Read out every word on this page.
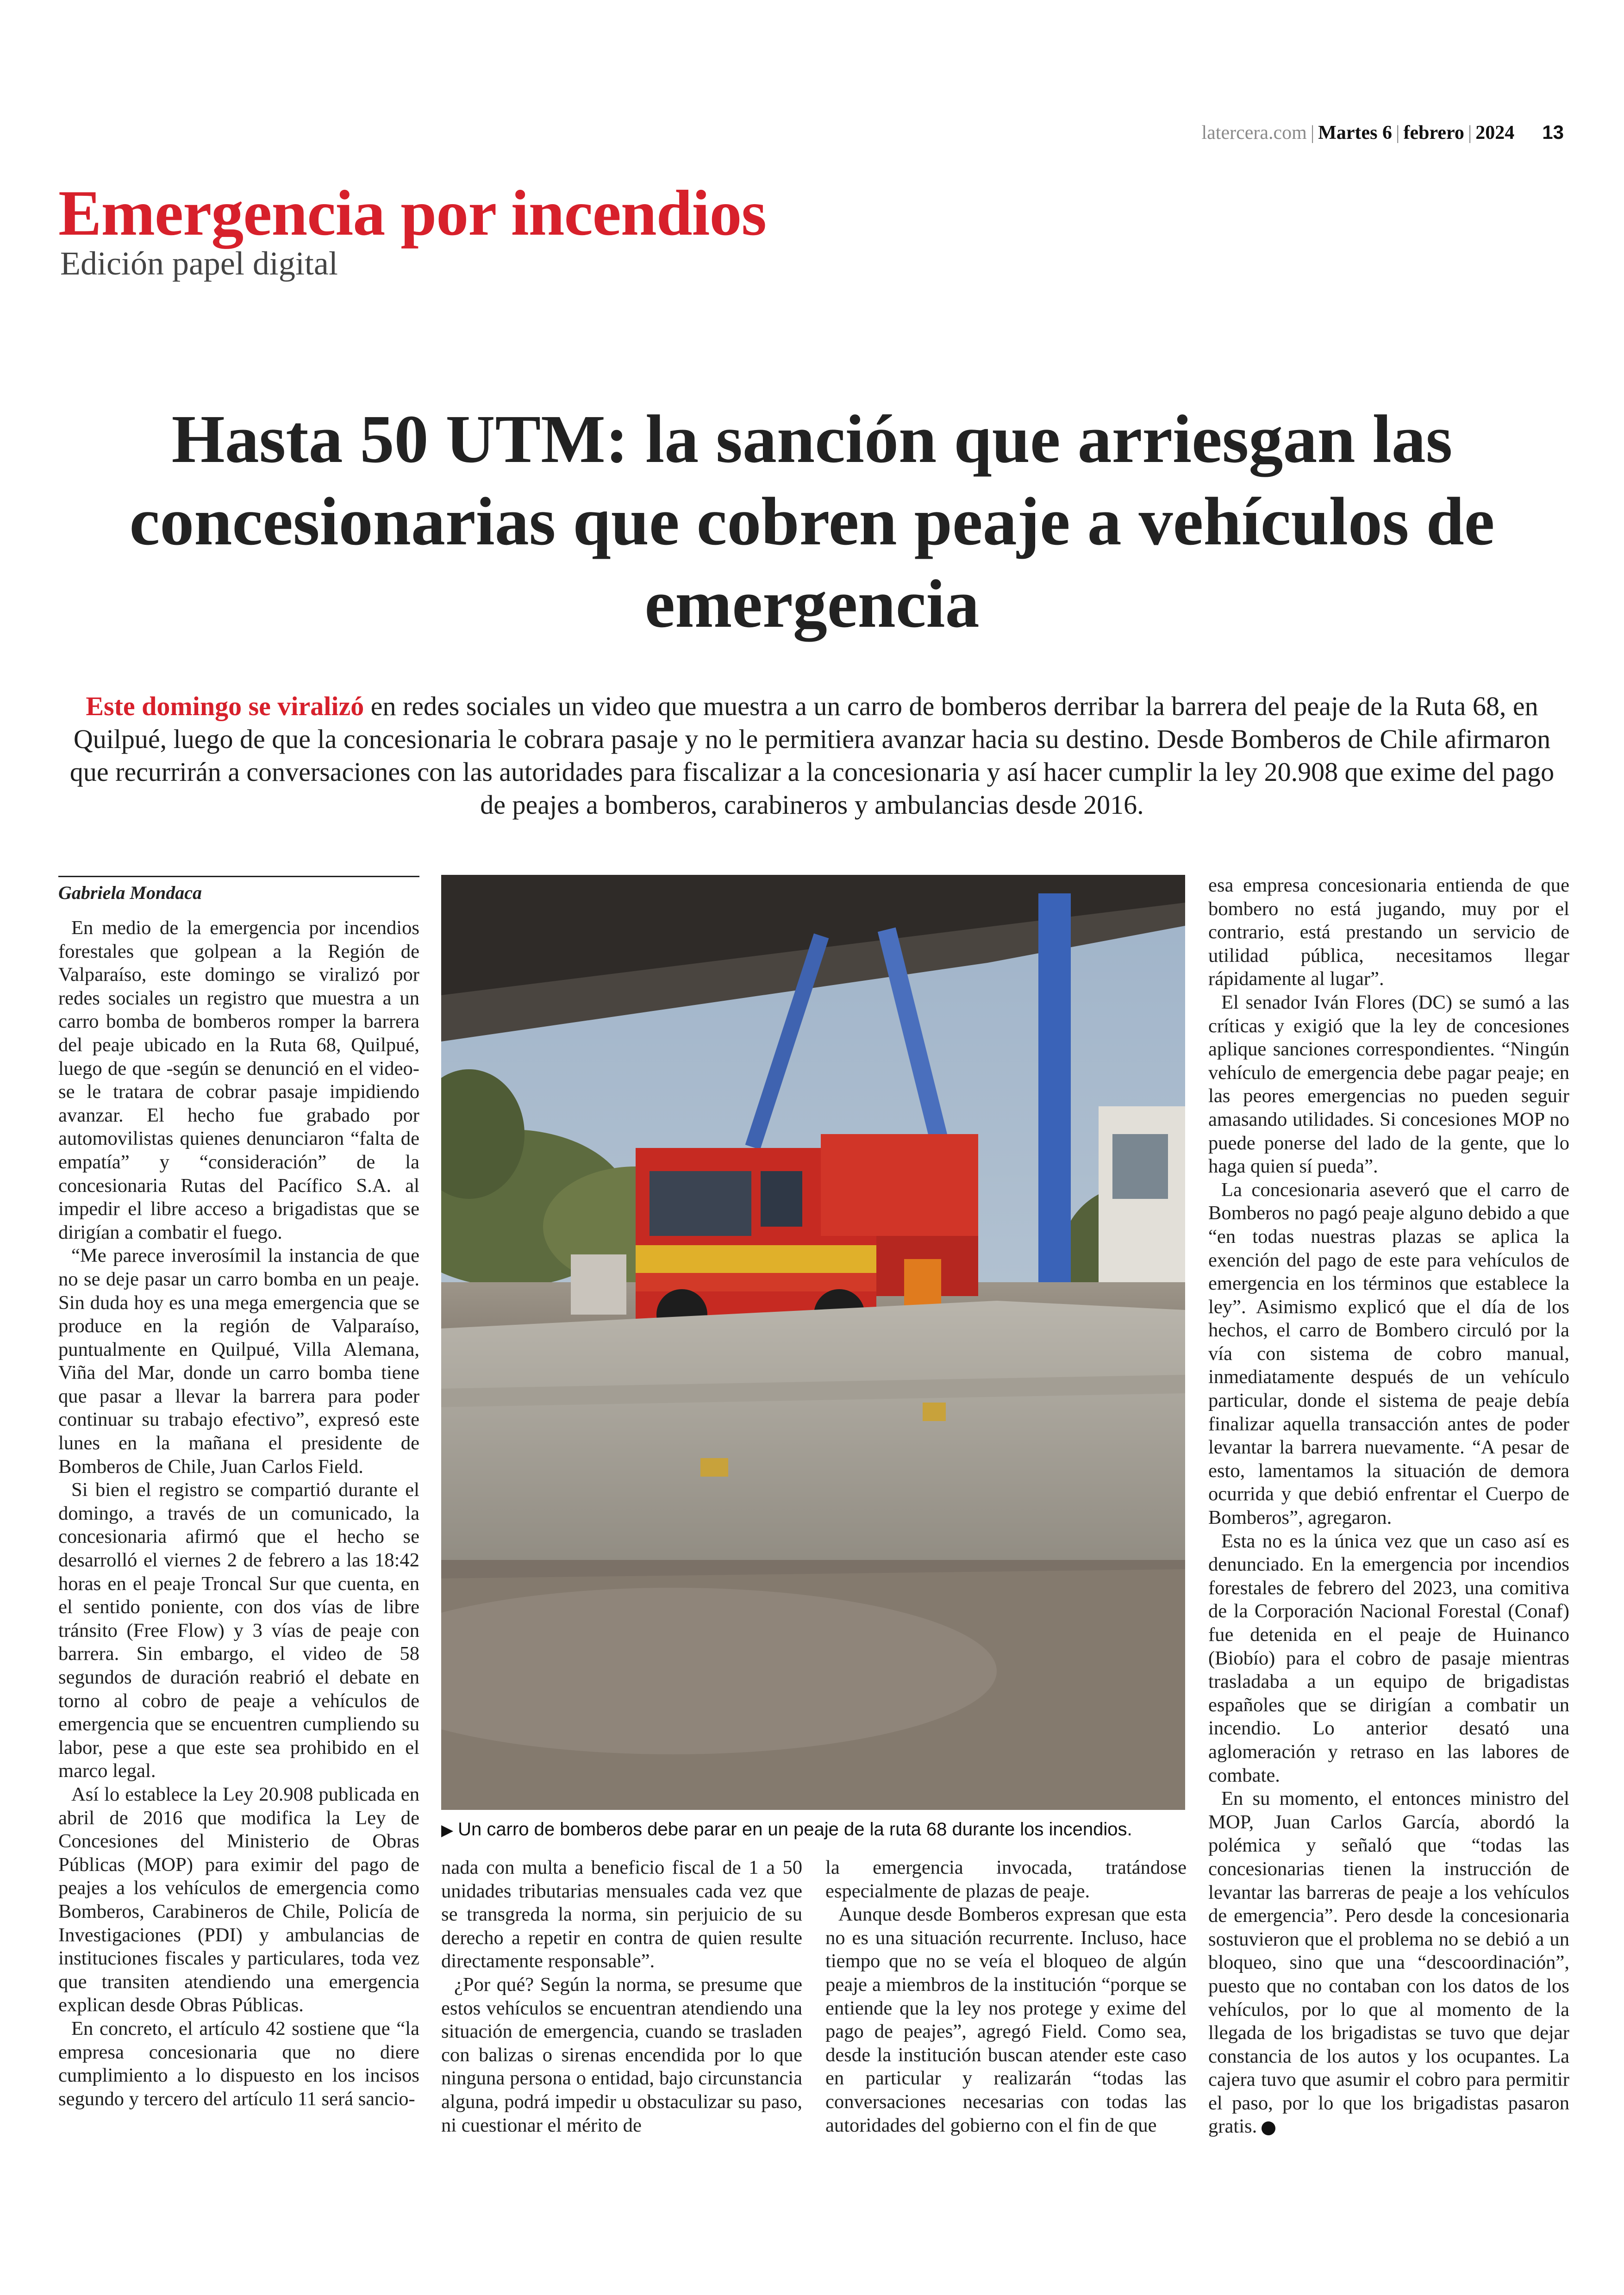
latercera.com | Martes 6 | febrero | 2024 13
Emergencia por incendios
Edición papel digital
Hasta 50 UTM: la sanción que arriesgan las concesionarias que cobren peaje a vehículos de emergencia
Este domingo se viralizó en redes sociales un video que muestra a un carro de bomberos derribar la barrera del peaje de la Ruta 68, en Quilpué, luego de que la concesionaria le cobrara pasaje y no le permitiera avanzar hacia su destino. Desde Bomberos de Chile afirmaron que recurrirán a conversaciones con las autoridades para fiscalizar a la concesionaria y así hacer cumplir la ley 20.908 que exime del pago de peajes a bomberos, carabineros y ambulancias desde 2016.
Gabriela Mondaca

En medio de la emergencia por incendios forestales que golpean a la Región de Valparaíso, este domingo se viralizó por redes sociales un registro que muestra a un carro bomba de bomberos romper la barrera del peaje ubicado en la Ruta 68, Quilpué, luego de que -según se denunció en el video- se le tratara de cobrar pasaje impidiendo avanzar. El hecho fue grabado por automovilistas quienes denunciaron “falta de empatía” y “consideración” de la concesionaria Rutas del Pacífico S.A. al impedir el libre acceso a brigadistas que se dirigían a combatir el fuego.

“Me parece inverosímil la instancia de que no se deje pasar un carro bomba en un peaje. Sin duda hoy es una mega emergencia que se produce en la región de Valparaíso, puntualmente en Quilpué, Villa Alemana, Viña del Mar, donde un carro bomba tiene que pasar a llevar la barrera para poder continuar su trabajo efectivo”, expresó este lunes en la mañana el presidente de Bomberos de Chile, Juan Carlos Field.

Si bien el registro se compartió durante el domingo, a través de un comunicado, la concesionaria afirmó que el hecho se desarrolló el viernes 2 de febrero a las 18:42 horas en el peaje Troncal Sur que cuenta, en el sentido poniente, con dos vías de libre tránsito (Free Flow) y 3 vías de peaje con barrera. Sin embargo, el video de 58 segundos de duración reabrió el debate en torno al cobro de peaje a vehículos de emergencia que se encuentren cumpliendo su labor, pese a que este sea prohibido en el marco legal.

Así lo establece la Ley 20.908 publicada en abril de 2016 que modifica la Ley de Concesiones del Ministerio de Obras Públicas (MOP) para eximir del pago de peajes a los vehículos de emergencia como Bomberos, Carabineros de Chile, Policía de Investigaciones (PDI) y ambulancias de instituciones fiscales y particulares, toda vez que transiten atendiendo una emergencia explican desde Obras Públicas.

En concreto, el artículo 42 sostiene que “la empresa concesionaria que no diere cumplimiento a lo dispuesto en los incisos segundo y tercero del artículo 11 será sancio-

▶ Un carro de bomberos debe parar en un peaje de la ruta 68 durante los incendios.

nada con multa a beneficio fiscal de 1 a 50 unidades tributarias mensuales cada vez que se transgreda la norma, sin perjuicio de su derecho a repetir en contra de quien resulte directamente responsable”.

¿Por qué? Según la norma, se presume que estos vehículos se encuentran atendiendo una situación de emergencia, cuando se trasladen con balizas o sirenas encendida por lo que ninguna persona o entidad, bajo circunstancia alguna, podrá impedir u obstaculizar su paso, ni cuestionar el mérito de

la emergencia invocada, tratándose especialmente de plazas de peaje.

Aunque desde Bomberos expresan que esta no es una situación recurrente. Incluso, hace tiempo que no se veía el bloqueo de algún peaje a miembros de la institución “porque se entiende que la ley nos protege y exime del pago de peajes”, agregó Field. Como sea, desde la institución buscan atender este caso en particular y realizarán “todas las conversaciones necesarias con todas las autoridades del gobierno con el fin de que

esa empresa concesionaria entienda de que bombero no está jugando, muy por el contrario, está prestando un servicio de utilidad pública, necesitamos llegar rápidamente al lugar”.

El senador Iván Flores (DC) se sumó a las críticas y exigió que la ley de concesiones aplique sanciones correspondientes. “Ningún vehículo de emergencia debe pagar peaje; en las peores emergencias no pueden seguir amasando utilidades. Si concesiones MOP no puede ponerse del lado de la gente, que lo haga quien sí pueda”.

La concesionaria aseveró que el carro de Bomberos no pagó peaje alguno debido a que “en todas nuestras plazas se aplica la exención del pago de este para vehículos de emergencia en los términos que establece la ley”. Asimismo explicó que el día de los hechos, el carro de Bombero circuló por la vía con sistema de cobro manual, inmediatamente después de un vehículo particular, donde el sistema de peaje debía finalizar aquella transacción antes de poder levantar la barrera nuevamente. “A pesar de esto, lamentamos la situación de demora ocurrida y que debió enfrentar el Cuerpo de Bomberos”, agregaron.

Esta no es la única vez que un caso así es denunciado. En la emergencia por incendios forestales de febrero del 2023, una comitiva de la Corporación Nacional Forestal (Conaf) fue detenida en el peaje de Huinanco (Biobío) para el cobro de pasaje mientras trasladaba a un equipo de brigadistas españoles que se dirigían a combatir un incendio. Lo anterior desató una aglomeración y retraso en las labores de combate.

En su momento, el entonces ministro del MOP, Juan Carlos García, abordó la polémica y señaló que “todas las concesionarias tienen la instrucción de levantar las barreras de peaje a los vehículos de emergencia”. Pero desde la concesionaria sostuvieron que el problema no se debió a un bloqueo, sino que una “descoordinación”, puesto que no contaban con los datos de los vehículos, por lo que al momento de la llegada de los brigadistas se tuvo que dejar constancia de los autos y los ocupantes. La cajera tuvo que asumir el cobro para permitir el paso, por lo que los brigadistas pasaron gratis.
